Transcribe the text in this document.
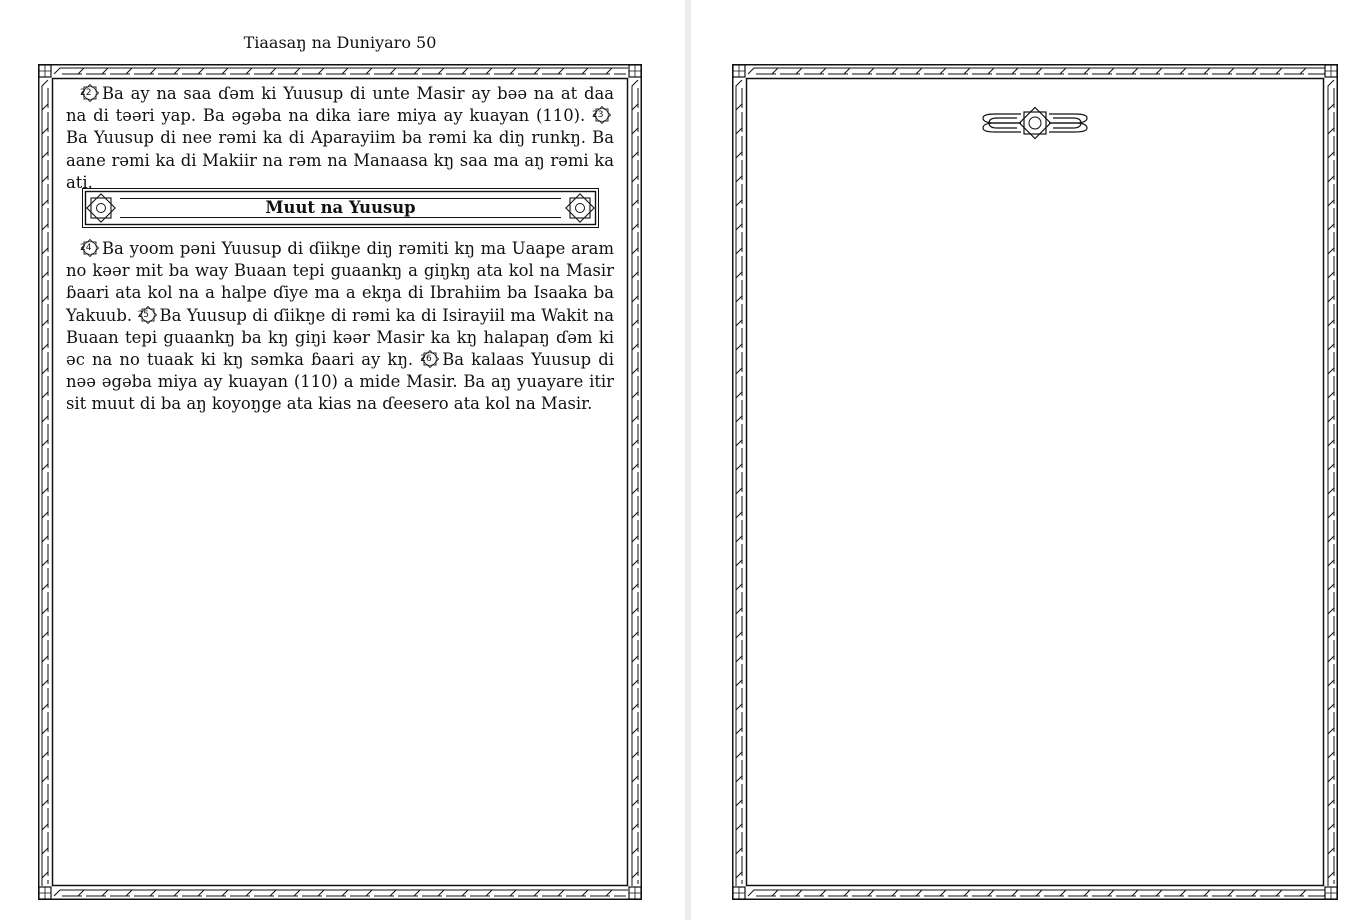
Tiaasaŋ na Duniyaro 50

22 Ba ay na saa ɗəm ki Yuusup di unte Masir ay bəə na at daa na di təəri yap. Ba əgəba na dika iare miya ay kuayan (110). 23
Ba Yuusup di nee rəmi ka di Aparayiim ba rəmi ka diŋ runkŋ. Ba aane rəmi ka di Makiir na rəm na Manaasa kŋ saa ma aŋ rəmi ka ati.

Muut na Yuusup

24 Ba yoom pəni Yuusup di ɗiikŋe diŋ rəmiti kŋ ma Uaape aram no kəər mit ba way Buaan tepi guaankŋ a giŋkŋ ata kol na Masir ɓaari ata kol na a halpe ɗiye ma a ekŋa di Ibrahiim ba Isaaka ba Yakuub. 25 Ba Yuusup di ɗiikŋe di rəmi ka di Isirayiil ma Wakit na Buaan tepi guaankŋ ba kŋ giŋi kəər Masir ka kŋ halapaŋ ɗəm ki əc na no tuaak ki kŋ səmka ɓaari ay kŋ. 26 Ba kalaas Yuusup di nəə əgəba miya ay kuayan (110) a mide Masir. Ba aŋ yuayare itir sit muut di ba aŋ koyoŋge ata kias na ɗeesero ata kol na Masir.
